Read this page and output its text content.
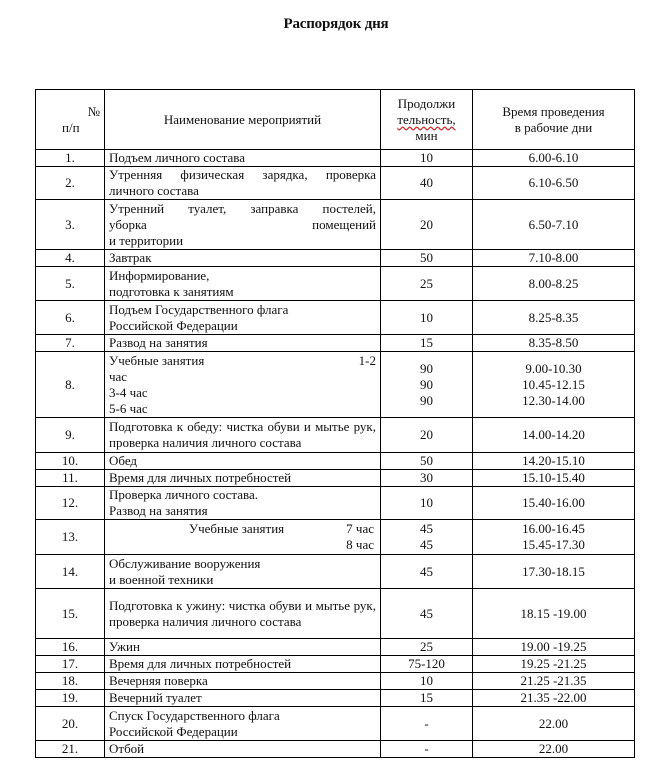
Распорядок дня
№
п/п	Наименование мероприятий	Продолжи
тельность,
мин	Время проведения
в рабочие дни

1.	Подъем личного состава	10	6.00-6.10
2.	Утренняя физическая зарядка, проверка личного состава	40	6.10-6.50
3.	
Утренний туалет, заправка постелей,
уборка	помещений
и территории
	20	6.50-7.10
4.	Завтрак	50	7.10-8.00
5.	Информирование,
подготовка к занятиям	25	8.00-8.25
6.	Подъем Государственного флага
Российской Федерации	10	8.25-8.35
7.	Развод на занятия	15	8.35-8.50
8.	Учебные занятия 1-2
час
3-4 час
5-6 час	90
90
90	9.00-10.30
10.45-12.15
12.30-14.00

9.	Подготовка к обеду: чистка обуви и мытье рук, проверка наличия личного состава	20	14.00-14.20
10.	Обед	50	14.20-15.10
11.	Время для личных потребностей	30	15.10-15.40
12.	Проверка личного состава.
Развод на занятия	10	15.40-16.00
13.	Учебные занятия 7 час
8 час	45
45	16.00-16.45
15.45-17.30

14.	Обслуживание вооружения
и военной техники	45	17.30-18.15
15.	Подготовка к ужину: чистка обуви и мытье рук, проверка наличия личного состава	45	18.15 -19.00
16.	Ужин	25	19.00 -19.25
17.	Время для личных потребностей	75-120	19.25 -21.25
18.	Вечерняя поверка	10	21.25 -21.35
19.	Вечерний туалет	15	21.35 -22.00
20.	Спуск Государственного флага
Российской Федерации	-	22.00
21.	Отбой	-	22.00
